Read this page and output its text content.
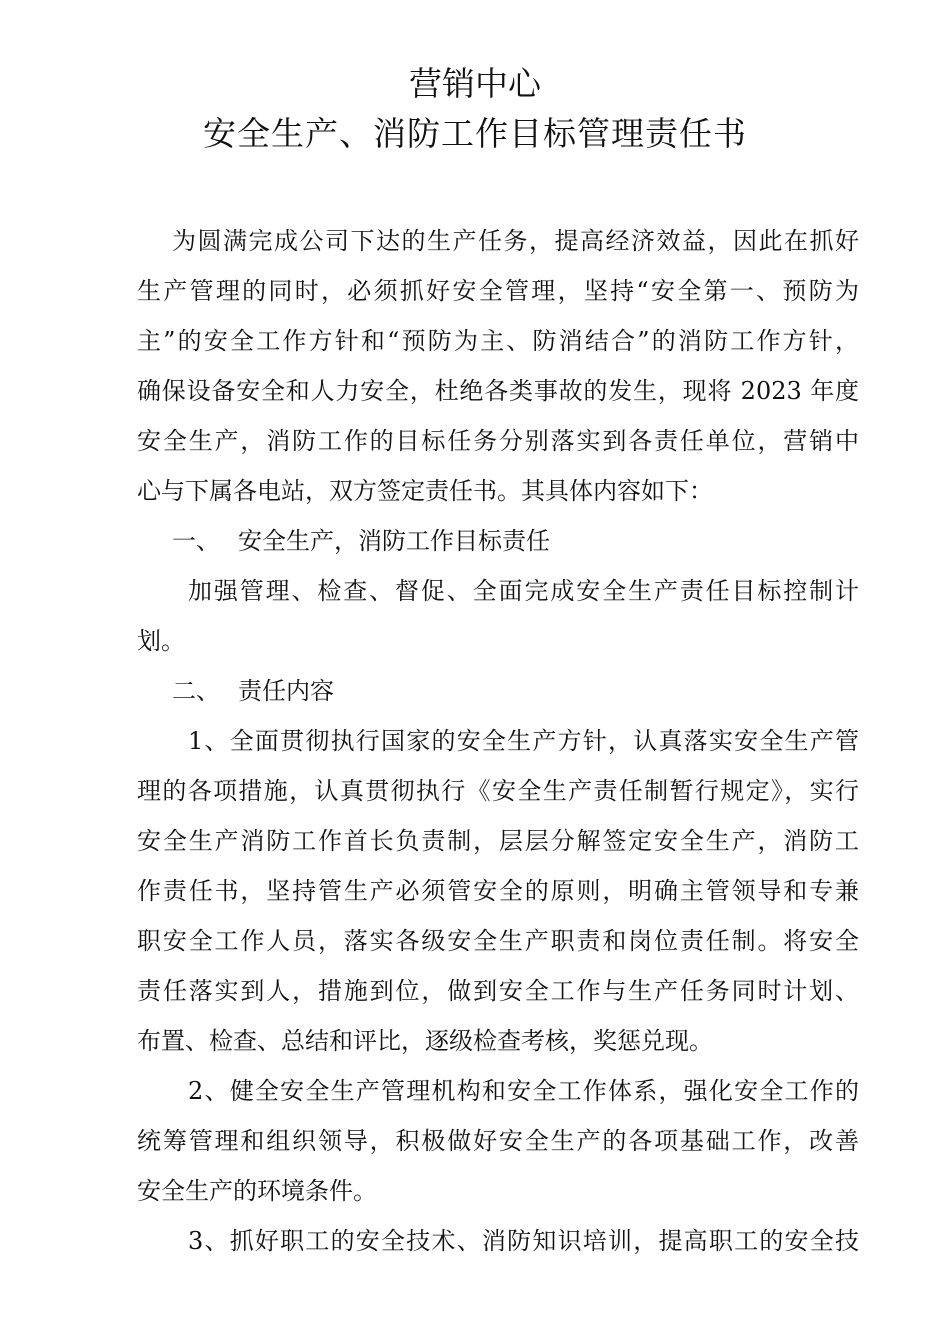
营销中心
安全生产、消防工作目标管理责任书
为圆满完成公司下达的生产任务，提高经济效益，因此在抓好
生产管理的同时，必须抓好安全管理，坚持“安全第一、预防为
主”的安全工作方针和“预防为主、防消结合”的消防工作方针，
确保设备安全和人力安全，杜绝各类事故的发生，现将 2023 年度
安全生产，消防工作的目标任务分别落实到各责任单位，营销中
心与下属各电站，双方签定责任书。其具体内容如下：
一、 安全生产，消防工作目标责任
加强管理、检查、督促、全面完成安全生产责任目标控制计
划。
二、 责任内容
1、全面贯彻执行国家的安全生产方针，认真落实安全生产管
理的各项措施，认真贯彻执行《安全生产责任制暂行规定》，实行
安全生产消防工作首长负责制，层层分解签定安全生产，消防工
作责任书，坚持管生产必须管安全的原则，明确主管领导和专兼
职安全工作人员，落实各级安全生产职责和岗位责任制。将安全
责任落实到人，措施到位，做到安全工作与生产任务同时计划、
布置、检查、总结和评比，逐级检查考核，奖惩兑现。
2、健全安全生产管理机构和安全工作体系，强化安全工作的
统筹管理和组织领导，积极做好安全生产的各项基础工作，改善
安全生产的环境条件。
3、抓好职工的安全技术、消防知识培训，提高职工的安全技
